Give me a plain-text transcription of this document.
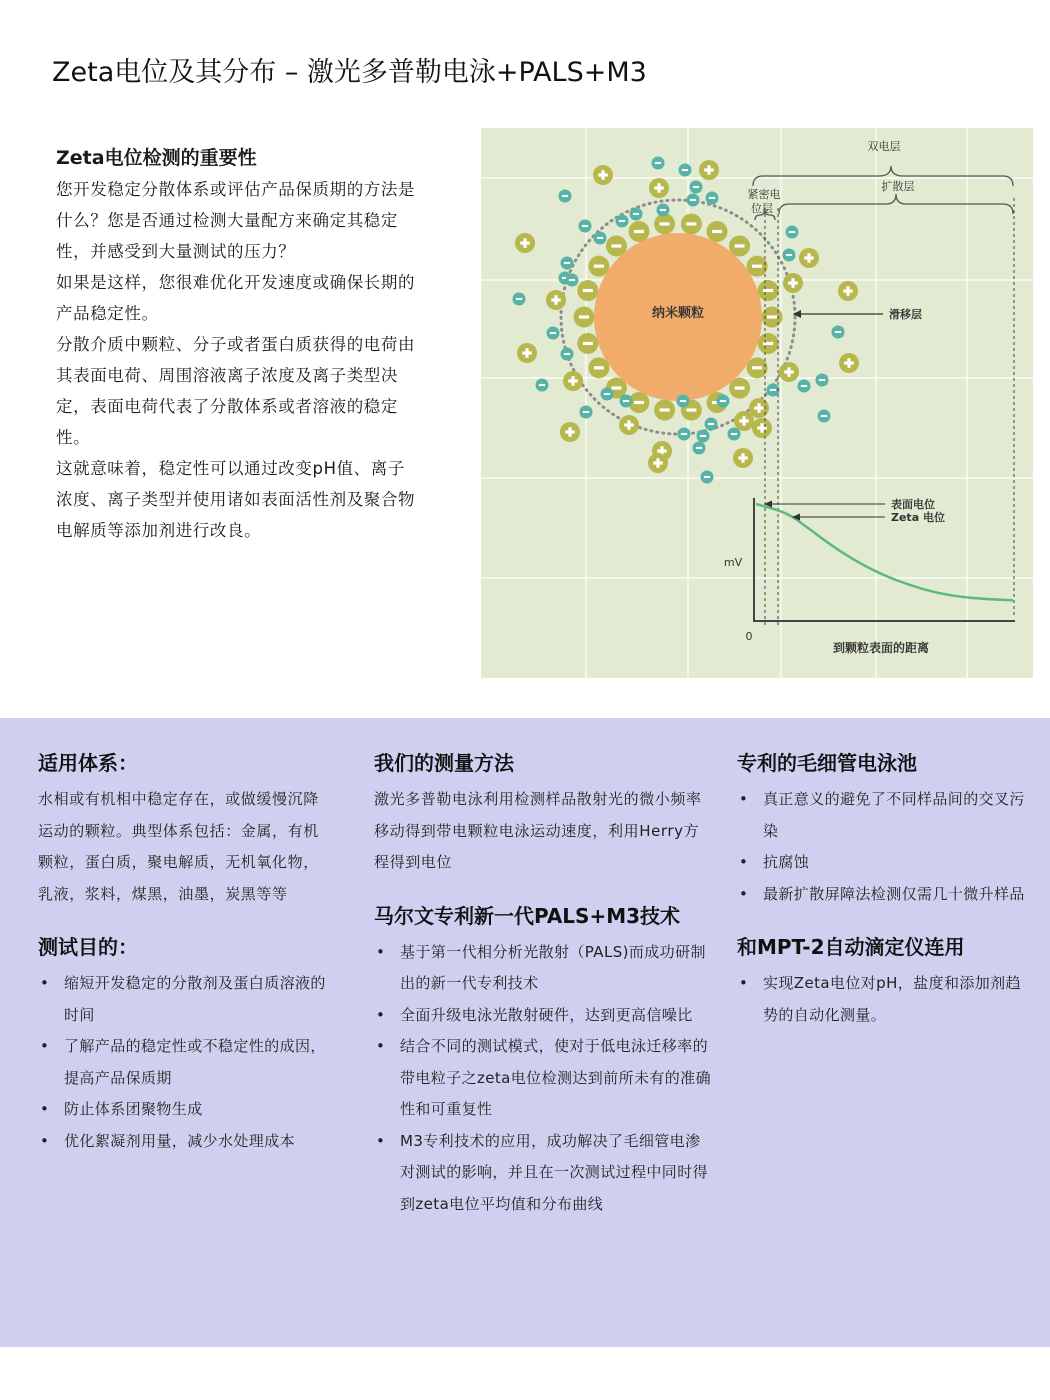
Zeta电位及其分布 – 激光多普勒电泳+PALS+M3
Zeta电位检测的重要性

您开发稳定分散体系或评估产品保质期的方法是什么？您是否通过检测大量配方来确定其稳定性，并感受到大量测试的压力？

如果是这样，您很难优化开发速度或确保长期的产品稳定性。

分散介质中颗粒、分子或者蛋白质获得的电荷由其表面电荷、周围溶液离子浓度及离子类型决定，表面电荷代表了分散体系或者溶液的稳定性。

这就意味着，稳定性可以通过改变pH值、离子浓度、离子类型并使用诸如表面活性剂及聚合物电解质等添加剂进行改良。

纳米颗粒
双电层
扩散层
紧密电
位层
滑移层
表面电位
Zeta 电位
mV
0
到颗粒表面的距离
适用体系：

水相或有机相中稳定存在，或做缓慢沉降运动的颗粒。典型体系包括：金属，有机颗粒，蛋白质，聚电解质，无机氧化物，乳液，浆料，煤黑，油墨，炭黑等等

测试目的：
• 缩短开发稳定的分散剂及蛋白质溶液的时间
• 了解产品的稳定性或不稳定性的成因，提高产品保质期
• 防止体系团聚物生成
• 优化絮凝剂用量，减少水处理成本
我们的测量方法

激光多普勒电泳利用检测样品散射光的微小频率移动得到带电颗粒电泳运动速度，利用Herry方程得到电位

马尔文专利新一代PALS+M3技术
• 基于第一代相分析光散射（PALS)而成功研制出的新一代专利技术
• 全面升级电泳光散射硬件，达到更高信噪比
• 结合不同的测试模式，使对于低电泳迁移率的带电粒子之zeta电位检测达到前所未有的准确性和可重复性
• M3专利技术的应用，成功解决了毛细管电渗对测试的影响，并且在一次测试过程中同时得到zeta电位平均值和分布曲线
专利的毛细管电泳池
• 真正意义的避免了不同样品间的交叉污染
• 抗腐蚀
• 最新扩散屏障法检测仅需几十微升样品
和MPT-2自动滴定仪连用
• 实现Zeta电位对pH，盐度和添加剂趋势的自动化测量。
